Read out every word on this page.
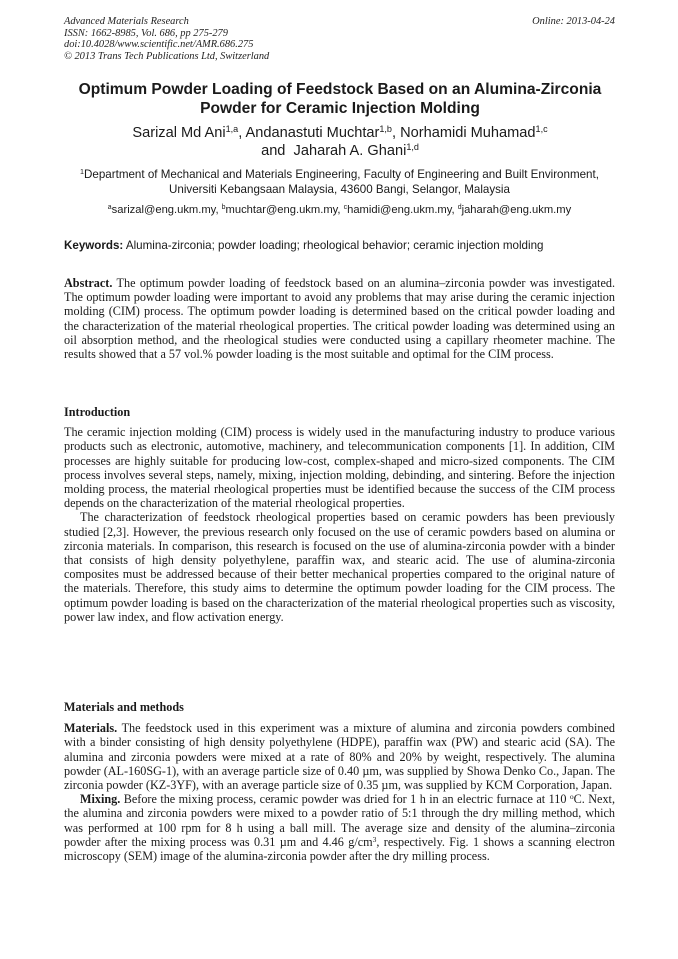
Advanced Materials Research
ISSN: 1662-8985, Vol. 686, pp 275-279
doi:10.4028/www.scientific.net/AMR.686.275
© 2013 Trans Tech Publications Ltd, Switzerland
Online: 2013-04-24
Optimum Powder Loading of Feedstock Based on an Alumina-Zirconia Powder for Ceramic Injection Molding
Sarizal Md Ani$^{1,a}$, Andanastuti Muchtar$^{1,b}$, Norhamidi Muhamad$^{1,c}$
and Jaharah A. Ghani$^{1,d}$
$^1$Department of Mechanical and Materials Engineering, Faculty of Engineering and Built Environment, Universiti Kebangsaan Malaysia, 43600 Bangi, Selangor, Malaysia
$^a$sarizal@eng.ukm.my, $^b$muchtar@eng.ukm.my, $^c$hamidi@eng.ukm.my, $^d$jaharah@eng.ukm.my
Keywords: Alumina-zirconia; powder loading; rheological behavior; ceramic injection molding

Abstract. The optimum powder loading of feedstock based on an alumina–zirconia powder was investigated. The optimum powder loading were important to avoid any problems that may arise during the ceramic injection molding (CIM) process. The optimum powder loading is determined based on the critical powder loading and the characterization of the material rheological properties. The critical powder loading was determined using an oil absorption method, and the rheological studies were conducted using a capillary rheometer machine. The results showed that a 57 vol.% powder loading is the most suitable and optimal for the CIM process.

Introduction

The ceramic injection molding (CIM) process is widely used in the manufacturing industry to produce various products such as electronic, automotive, machinery, and telecommunication components [1]. In addition, CIM processes are highly suitable for producing low-cost, complex-shaped and micro-sized components. The CIM process involves several steps, namely, mixing, injection molding, debinding, and sintering. Before the injection molding process, the material rheological properties must be identified because the success of the CIM process depends on the characterization of the material rheological properties.

The characterization of feedstock rheological properties based on ceramic powders has been previously studied [2,3]. However, the previous research only focused on the use of ceramic powders based on alumina or zirconia materials. In comparison, this research is focused on the use of alumina-zirconia powder with a binder that consists of high density polyethylene, paraffin wax, and stearic acid. The use of alumina-zirconia composites must be addressed because of their better mechanical properties compared to the original nature of the materials. Therefore, this study aims to determine the optimum powder loading for the CIM process. The optimum powder loading is based on the characterization of the material rheological properties such as viscosity, power law index, and flow activation energy.

Materials and methods

Materials. The feedstock used in this experiment was a mixture of alumina and zirconia powders combined with a binder consisting of high density polyethylene (HDPE), paraffin wax (PW) and stearic acid (SA). The alumina and zirconia powders were mixed at a rate of 80% and 20% by weight, respectively. The alumina powder (AL-160SG-1), with an average particle size of 0.40 µm, was supplied by Showa Denko Co., Japan. The zirconia powder (KZ-3YF), with an average particle size of 0.35 µm, was supplied by KCM Corporation, Japan.

Mixing. Before the mixing process, ceramic powder was dried for 1 h in an electric furnace at 110 $^o$C. Next, the alumina and zirconia powders were mixed to a powder ratio of 5:1 through the dry milling method, which was performed at 100 rpm for 8 h using a ball mill. The average size and density of the alumina–zirconia powder after the mixing process was 0.31 µm and 4.46 $g/cm^3$, respectively. Fig. 1 shows a scanning electron microscopy (SEM) image of the alumina-zirconia powder after the dry milling process.
